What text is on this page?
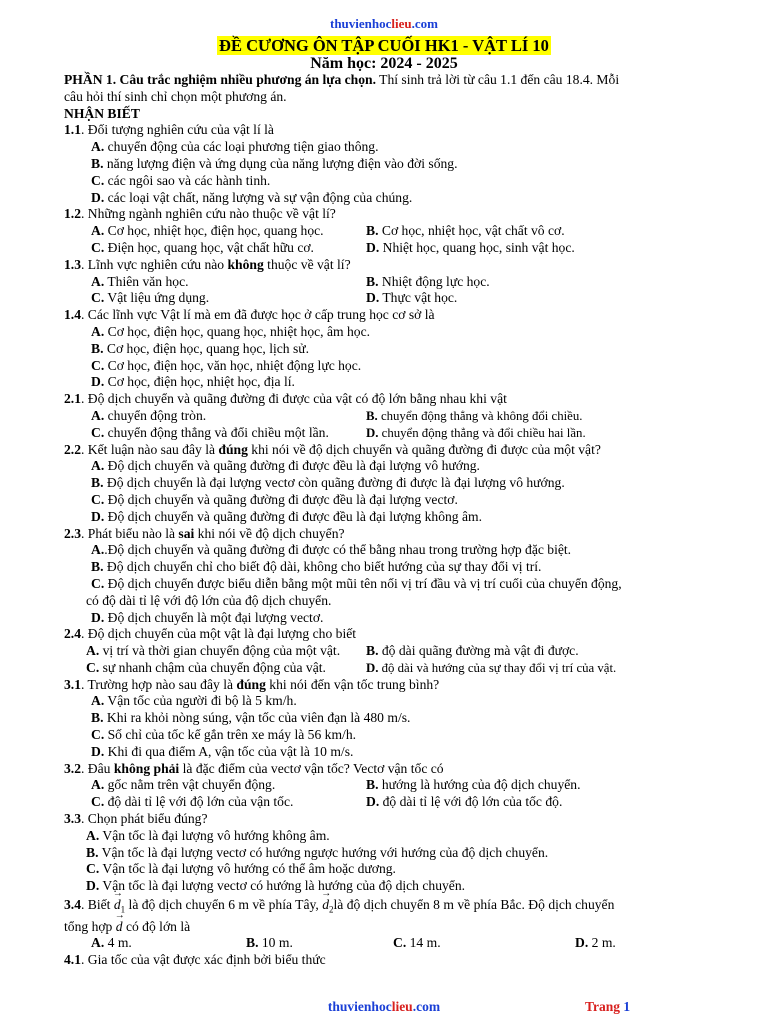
thuvienhoclieu.com
ĐỀ CƯƠNG ÔN TẬP CUỐI HK1 - VẬT LÍ 10
Năm học: 2024 - 2025
PHẦN 1. Câu trắc nghiệm nhiều phương án lựa chọn. Thí sinh trả lời từ câu 1.1 đến câu 18.4. Mỗi
câu hỏi thí sinh chỉ chọn một phương án.
NHẬN BIẾT
1.1. Đối tượng nghiên cứu của vật lí là
A. chuyển động của các loại phương tiện giao thông.
B. năng lượng điện và ứng dụng của năng lượng điện vào đời sống.
C. các ngôi sao và các hành tinh.
D. các loại vật chất, năng lượng và sự vận động của chúng.
1.2. Những ngành nghiên cứu nào thuộc về vật lí?
A. Cơ học, nhiệt học, điện học, quang học.	B. Cơ học, nhiệt học, vật chất vô cơ.
C. Điện học, quang học, vật chất hữu cơ.	D. Nhiệt học, quang học, sinh vật học.
1.3. Lĩnh vực nghiên cứu nào không thuộc về vật lí?
A. Thiên văn học.	B. Nhiệt động lực học.
C. Vật liệu ứng dụng.	D. Thực vật học.
1.4. Các lĩnh vực Vật lí mà em đã được học ở cấp trung học cơ sở là
A. Cơ học, điện học, quang học, nhiệt học, âm học.
B. Cơ học, điện học, quang học, lịch sử.
C. Cơ học, điện học, văn học, nhiệt động lực học.
D. Cơ học, điện học, nhiệt học, địa lí.
2.1. Độ dịch chuyển và quãng đường đi được của vật có độ lớn bằng nhau khi vật
A. chuyển động tròn.	B. chuyển động thẳng và không đổi chiều.
C. chuyển động thẳng và đổi chiều một lần.	D. chuyển động thẳng và đổi chiều hai lần.
2.2. Kết luận nào sau đây là đúng khi nói về độ dịch chuyển và quãng đường đi được của một vật?
A. Độ dịch chuyển và quãng đường đi được đều là đại lượng vô hướng.
B. Độ dịch chuyển là đại lượng vectơ còn quãng đường đi được là đại lượng vô hướng.
C. Độ dịch chuyển và quãng đường đi được đều là đại lượng vectơ.
D. Độ dịch chuyển và quãng đường đi được đều là đại lượng không âm.
2.3. Phát biểu nào là sai khi nói về độ dịch chuyển?
A..Độ dịch chuyển và quãng đường đi được có thể bằng nhau trong trường hợp đặc biệt.
B. Độ dịch chuyển chỉ cho biết độ dài, không cho biết hướng của sự thay đổi vị trí.
C. Độ dịch chuyển được biểu diễn bằng một mũi tên nối vị trí đầu và vị trí cuối của chuyển động,
có độ dài tỉ lệ với độ lớn của độ dịch chuyển.
D. Độ dịch chuyển là một đại lượng vectơ.
2.4. Độ dịch chuyển của một vật là đại lượng cho biết
A. vị trí và thời gian chuyển động của một vật.	B. độ dài quãng đường mà vật đi được.
C. sự nhanh chậm của chuyển động của vật.	D. độ dài và hướng của sự thay đổi vị trí của vật.
3.1. Trường hợp nào sau đây là đúng khi nói đến vận tốc trung bình?
A. Vận tốc của người đi bộ là 5 km/h.
B. Khi ra khỏi nòng súng, vận tốc của viên đạn là 480 m/s.
C. Số chỉ của tốc kế gắn trên xe máy là 56 km/h.
D. Khi đi qua điểm A, vận tốc của vật là 10 m/s.
3.2. Đâu không phải là đặc điểm của vectơ vận tốc? Vectơ vận tốc có
A. gốc nằm trên vật chuyển động.	B. hướng là hướng của độ dịch chuyển.
C. độ dài tỉ lệ với độ lớn của vận tốc.	D. độ dài tỉ lệ với độ lớn của tốc độ.
3.3. Chọn phát biểu đúng?
A. Vận tốc là đại lượng vô hướng không âm.
B. Vận tốc là đại lượng vectơ có hướng ngược hướng với hướng của độ dịch chuyển.
C. Vận tốc là đại lượng vô hướng có thể âm hoặc dương.
D. Vận tốc là đại lượng vectơ có hướng là hướng của độ dịch chuyển.
3.4. Biết → $d_1$ là độ dịch chuyển 6 m về phía Tây, → $d_2là$ độ dịch chuyển 8 m về phía Bắc. Độ dịch chuyển
tổng hợp → d có độ lớn là
A. 4 m.	B. 10 m.	C. 14 m.	D. 2 m.
4.1. Gia tốc của vật được xác định bởi biểu thức
thuvienhoclieu.com	Trang 1
